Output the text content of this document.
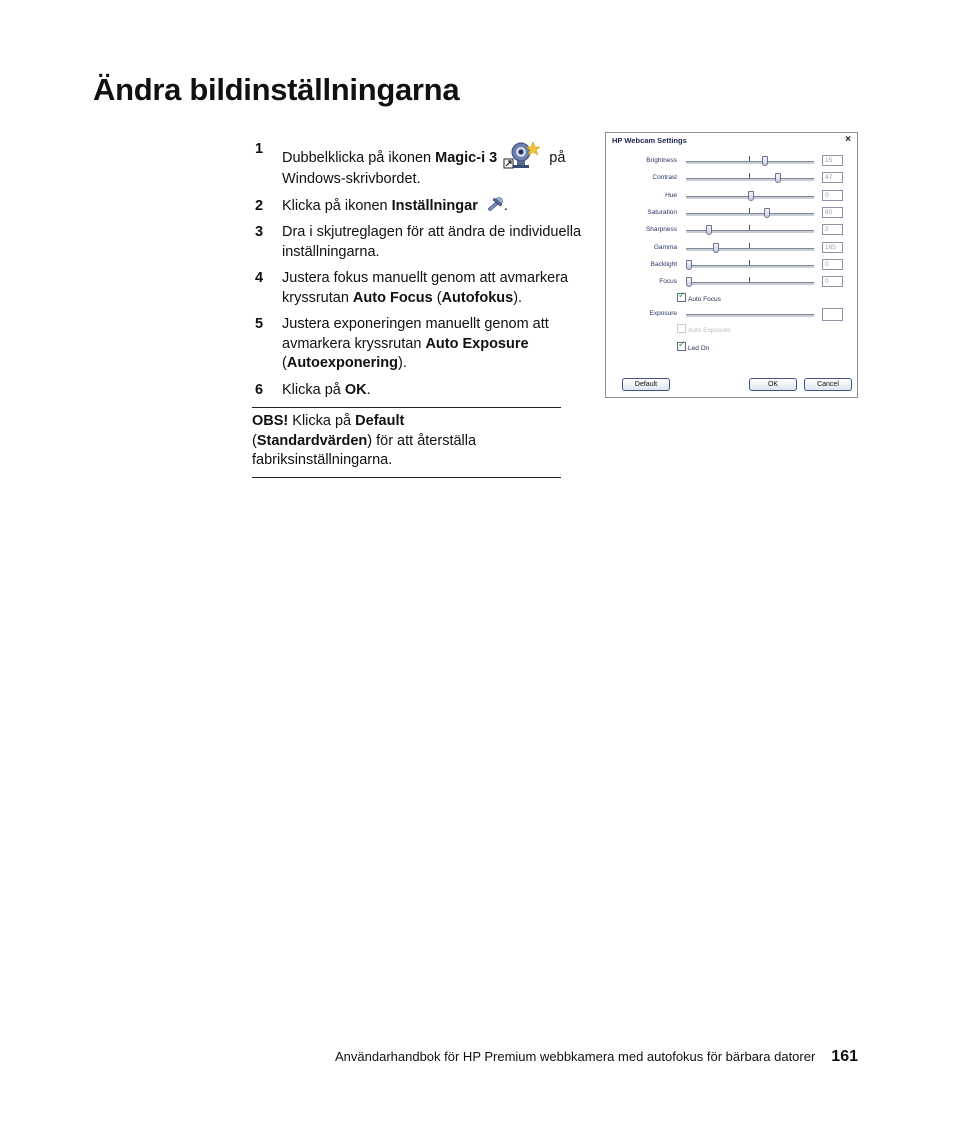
Ändra bildinställningarna
1
Dubbelklicka på ikonen Magic-i 3	på Windows-skrivbordet.
2 Klicka på ikonen Inställningar .
3 Dra i skjutreglagen för att ändra de individuella inställningarna.
4 Justera fokus manuellt genom att avmarkera kryssrutan Auto Focus (Autofokus).
5 Justera exponeringen manuellt genom att avmarkera kryssrutan Auto Exposure (Autoexponering).
6 Klicka på OK.
OBS! Klicka på Default
(Standardvärden) för att återställa fabriksinställningarna.
HP Webcam Settings	×
Brightness	15
Contrast	47
Hue	0
Saturation	60
Sharpness	2
Gamma	165
Backlight	0
Focus	0
✓Auto Focus
Exposure
Auto Exposure
✓Led On
Default	OK	Cancel
Användarhandbok för HP Premium webbkamera med autofokus för bärbara datorer 161
